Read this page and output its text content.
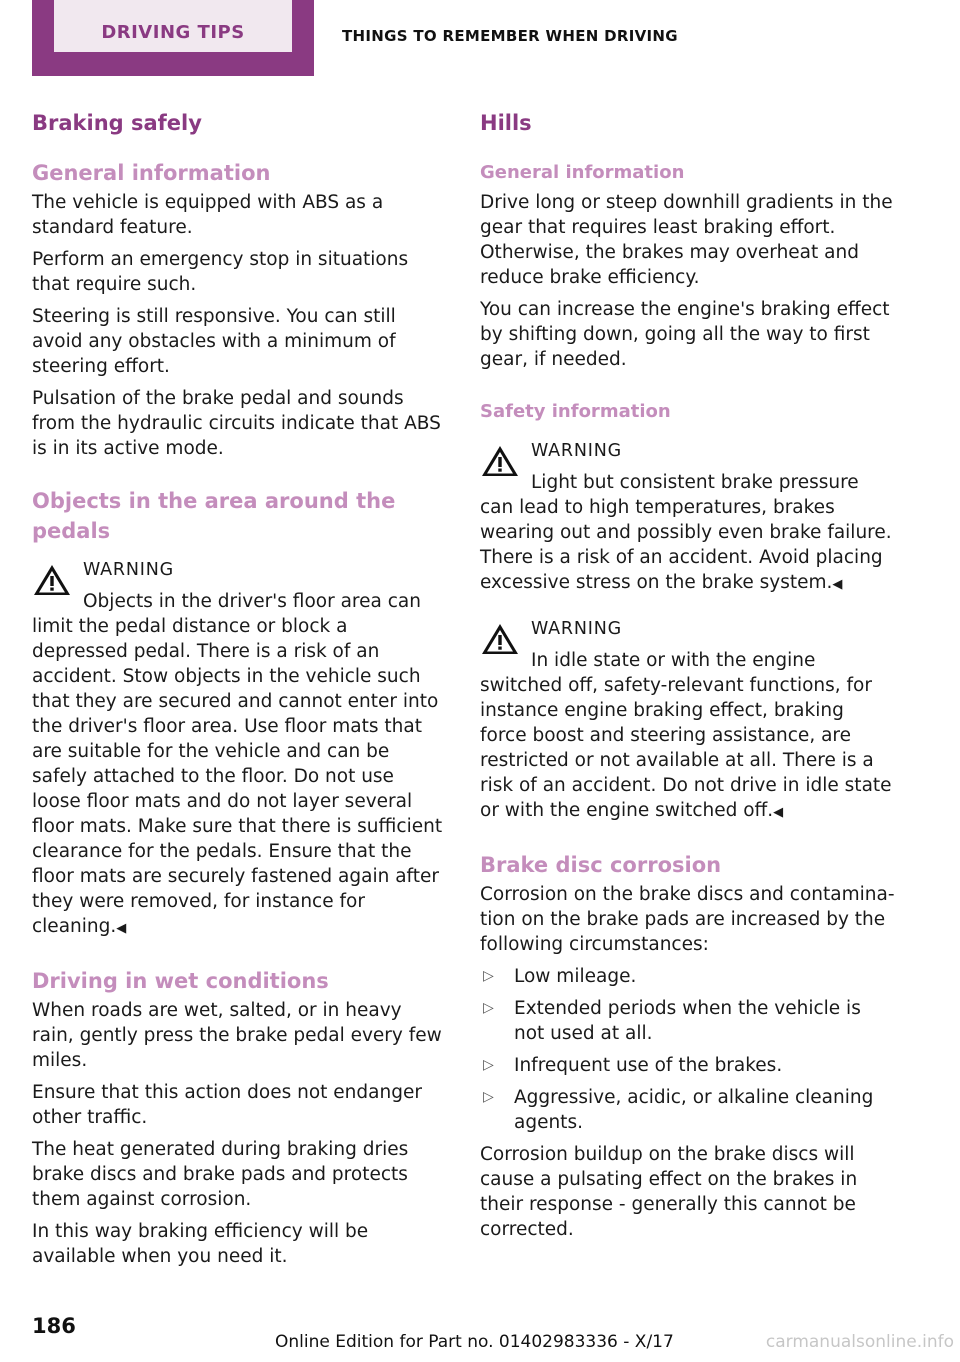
DRIVING TIPS	THINGS TO REMEMBER WHEN DRIVING
Braking safely
General information

The vehicle is equipped with ABS as a standard feature.

Perform an emergency stop in situations that require such.

Steering is still responsive. You can still avoid any obstacles with a minimum of steering effort.

Pulsation of the brake pedal and sounds from the hydraulic circuits indicate that ABS is in its active mode.

Objects in the area around the pedals
WARNING

Objects in the driver's floor area can limit the pedal distance or block a depressed pedal. There is a risk of an accident. Stow objects in the vehicle such that they are secured and cannot enter into the driver's floor area. Use floor mats that are suitable for the vehicle and can be safely attached to the floor. Do not use loose floor mats and do not layer several floor mats. Make sure that there is sufficient clearance for the pedals. Ensure that the floor mats are securely fastened again after they were removed, for instance for cleaning.◀

Driving in wet conditions

When roads are wet, salted, or in heavy rain, gently press the brake pedal every few miles.

Ensure that this action does not endanger other traffic.

The heat generated during braking dries brake discs and brake pads and protects them against corrosion.

In this way braking efficiency will be available when you need it.

Hills
General information

Drive long or steep downhill gradients in the gear that requires least braking effort. Otherwise, the brakes may overheat and reduce brake efficiency.

You can increase the engine's braking effect by shifting down, going all the way to first gear, if needed.

Safety information
WARNING

Light but consistent brake pressure can lead to high temperatures, brakes wearing out and possibly even brake failure. There is a risk of an accident. Avoid placing excessive stress on the brake system.◀

WARNING

In idle state or with the engine switched off, safety-relevant functions, for instance engine braking effect, braking force boost and steering assistance, are restricted or not available at all. There is a risk of an accident. Do not drive in idle state or with the engine switched off.◀

Brake disc corrosion

Corrosion on the brake discs and contamination on the brake pads are increased by the following circumstances:

▷ Low mileage.
▷ Extended periods when the vehicle is not used at all.
▷ Infrequent use of the brakes.
▷ Aggressive, acidic, or alkaline cleaning agents.

Corrosion buildup on the brake discs will cause a pulsating effect on the brakes in their response - generally this cannot be corrected.

186
Online Edition for Part no. 01402983336 - X/17	carmanualsonline.info
